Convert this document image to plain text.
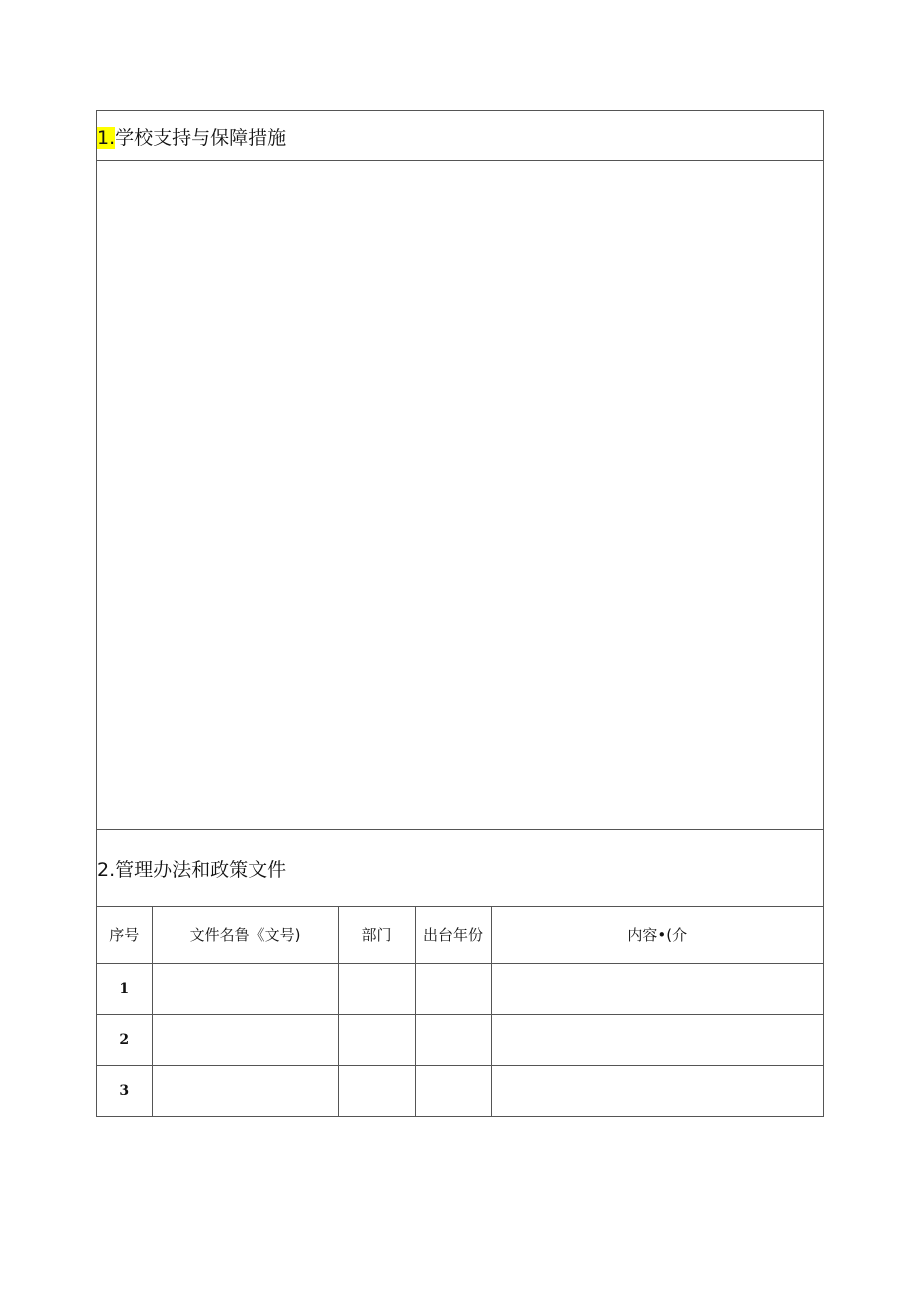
1.学校支持与保障措施
2.管理办法和政策文件
序号	文件名鲁《文号)	部门	出台年份	内容•(介
1				
2				
3				
